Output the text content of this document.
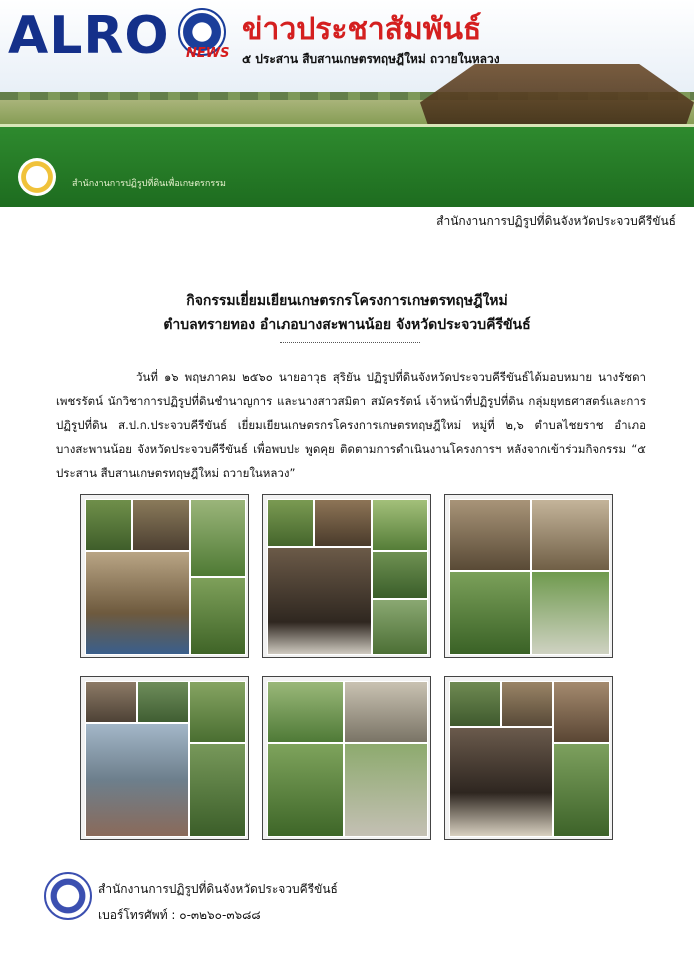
ALRO NEWS
ข่าวประชาสัมพันธ์
๕ ประสาน สืบสานเกษตรทฤษฎีใหม่ ถวายในหลวง
สำนักงานการปฏิรูปที่ดินเพื่อเกษตรกรรม
สำนักงานการปฏิรูปที่ดินจังหวัดประจวบคีรีขันธ์
กิจกรรมเยี่ยมเยียนเกษตรกรโครงการเกษตรทฤษฎีใหม่
ตำบลทรายทอง อำเภอบางสะพานน้อย จังหวัดประจวบคีรีขันธ์
วันที่ ๑๖ พฤษภาคม ๒๕๖๐ นายอาวุธ สุริยัน ปฏิรูปที่ดินจังหวัดประจวบคีรีขันธ์ได้มอบหมาย นางรัชดา เพชรรัตน์ นักวิชาการปฏิรูปที่ดินชำนาญการ และนางสาวสมิตา สมัครรัตน์ เจ้าหน้าที่ปฏิรูปที่ดิน กลุ่มยุทธศาสตร์และการปฏิรูปที่ดิน ส.ป.ก.ประจวบคีรีขันธ์ เยี่ยมเยียนเกษตรกรโครงการเกษตรทฤษฎีใหม่ หมู่ที่ ๒,๖ ตำบลไชยราช อำเภอบางสะพานน้อย จังหวัดประจวบคีรีขันธ์ เพื่อพบปะ พูดคุย ติดตามการดำเนินงานโครงการฯ หลังจากเข้าร่วมกิจกรรม “๕ ประสาน สืบสานเกษตรทฤษฎีใหม่ ถวายในหลวง”
สำนักงานการปฏิรูปที่ดินจังหวัดประจวบคีรีขันธ์
เบอร์โทรศัพท์ : ๐-๓๒๖๐-๓๖๘๘
